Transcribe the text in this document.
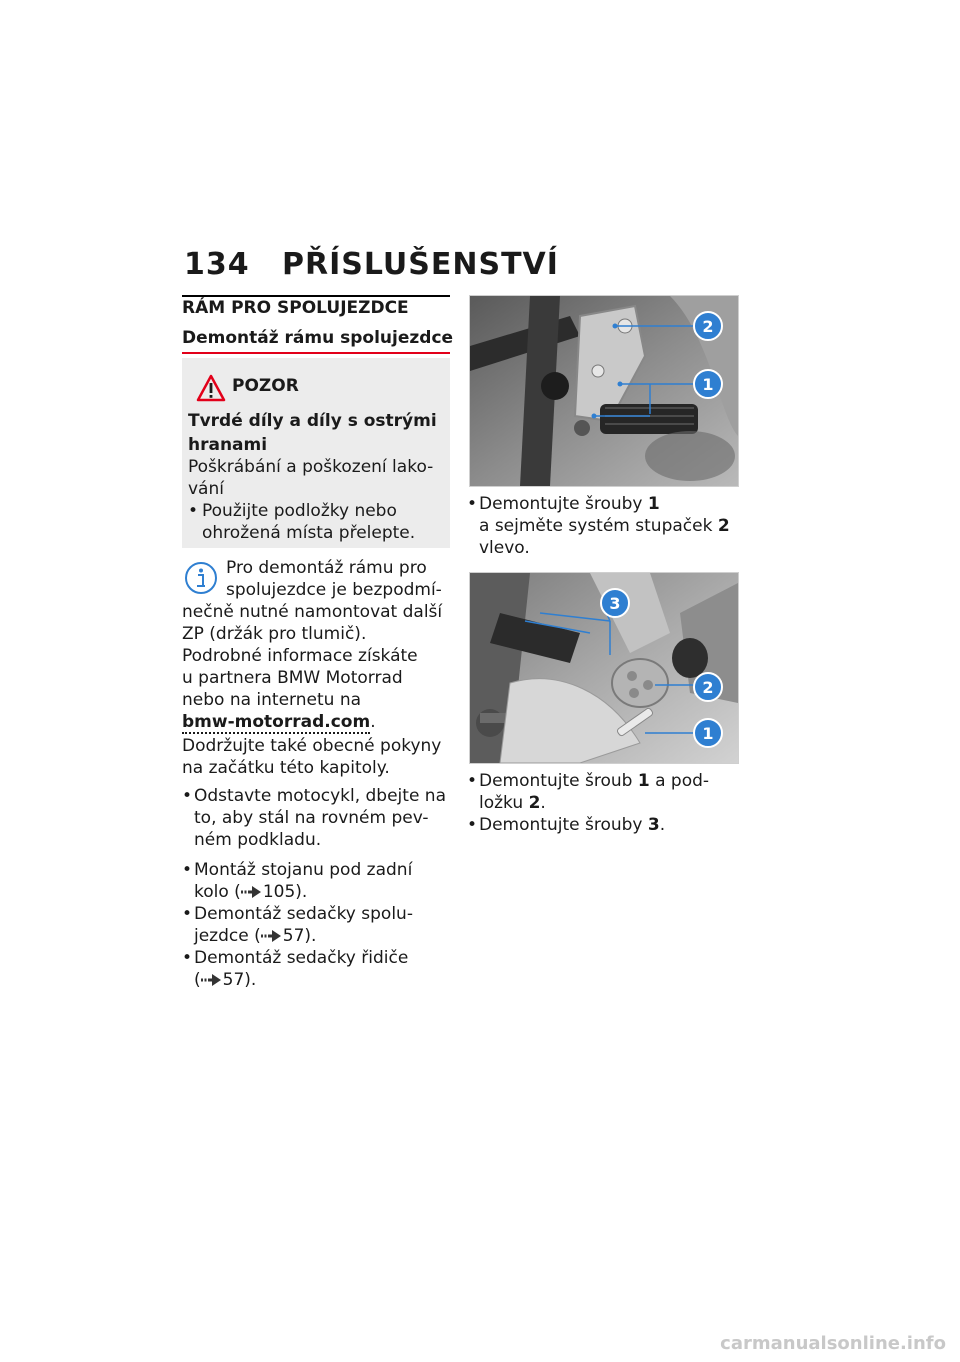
134 PŘÍSLUŠENSTVÍ
RÁM PRO SPOLUJEZDCE
Demontáž rámu spolujezdce
POZOR
Tvrdé díly a díly s ostrými
hranami
Poškrábání a poškození lako-
vání
• Použijte podložky nebo
ohrožená místa přelepte.
Pro demontáž rámu pro
spolujezdce je bezpodmí-
nečně nutné namontovat další
ZP (držák pro tlumič).
Podrobné informace získáte
u partnera BMW Motorrad
nebo na internetu na
bmw-motorrad.com.
Dodržujte také obecné pokyny
na začátku této kapitoly.
• Odstavte motocykl, dbejte na
to, aby stál na rovném pev-
ném podkladu.
• Montáž stojanu pod zadní
kolo ( 105).
• Demontáž sedačky spolu-
jezdce ( 57).
• Demontáž sedačky řidiče
( 57).
2
1
• Demontujte šrouby 1
a sejměte systém stupaček 2
vlevo.
3
2
1
• Demontujte šroub 1 a pod-
ložku 2.
• Demontujte šrouby 3.
carmanualsonline.info
